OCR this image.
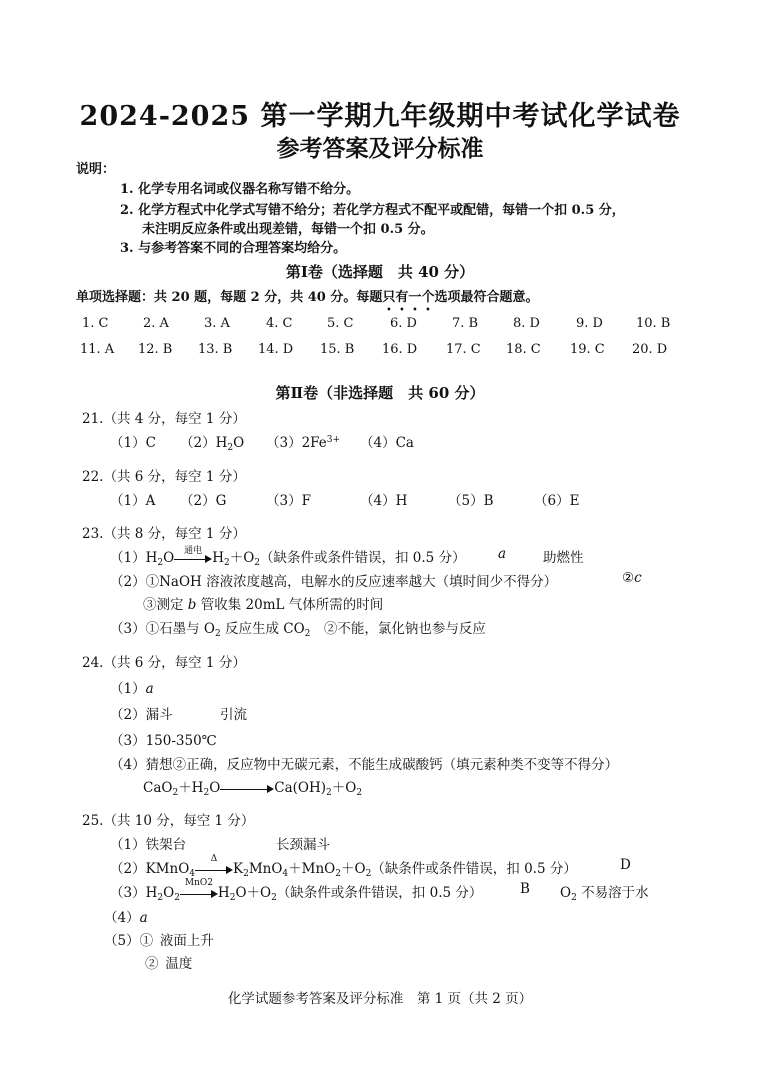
2024-2025 第一学期九年级期中考试化学试卷
参考答案及评分标准
说明：
1. 化学专用名词或仪器名称写错不给分。
2. 化学方程式中化学式写错不给分；若化学方程式不配平或配错，每错一个扣 0.5 分，
未注明反应条件或出现差错，每错一个扣 0.5 分。
3. 与参考答案不同的合理答案均给分。
第Ⅰ卷（选择题　共 40 分）
单项选择题：共 20 题，每题 2 分，共 40 分。每题只有一个选项最符合题意。
1. C	2. A	3. A	4. C	5. C	6. D	7. B	8. D	9. D	10. B
11. A 12. B 13. B 14. D 15. B 16. D 17. C 18. C 19. C 20. D
第Ⅱ卷（非选择题　共 60 分）
21.（共 4 分，每空 1 分）
（1）C $(2)H_2O$ $(3)2Fe^{3+}$ （4）Ca
22.（共 6 分，每空 1 分）
（1）A （2）G	（3）F	（4）H	（5）B	（6）E
23.（共 8 分，每空 1 分）
$(1)H_2O$	通电 $H_2+O_2$（缺条件或条件错误，扣 0.5 分） a	助燃性
（2）①NaOH 溶液浓度越高，电解水的反应速率越大（填时间少不得分）	②c
③测定 b 管收集 20mL 气体所需的时间
（3）①石墨与 $O_2$ 反应生成 $CO_2$　 ②不能，氯化钠也参与反应
24.（共 6 分，每空 1 分）
（1）a
（2）漏斗	引流
（3）150-350℃
（4）猜想②正确，反应物中无碳元素，不能生成碳酸钙（填元素种类不变等不得分）
$CaO_2+H_2O$	$Ca(OH)_2+O_2$
25.（共 10 分，每空 1 分）
（1）铁架台	长颈漏斗
（2）KMnO$_4$
Δ
$K_2MnO_4+MnO_2+O_2$（缺条件或条件错误，扣 0.5 分）	D
$(3)H_2O_2$
MnO2
$H_2O+O_2$（缺条件或条件错误，扣 0.5 分）	B $O_2$ 不易溶于水
（4）a
（5）①  液面上升
②  温度
化学试题参考答案及评分标准　第 1 页（共 2 页）
